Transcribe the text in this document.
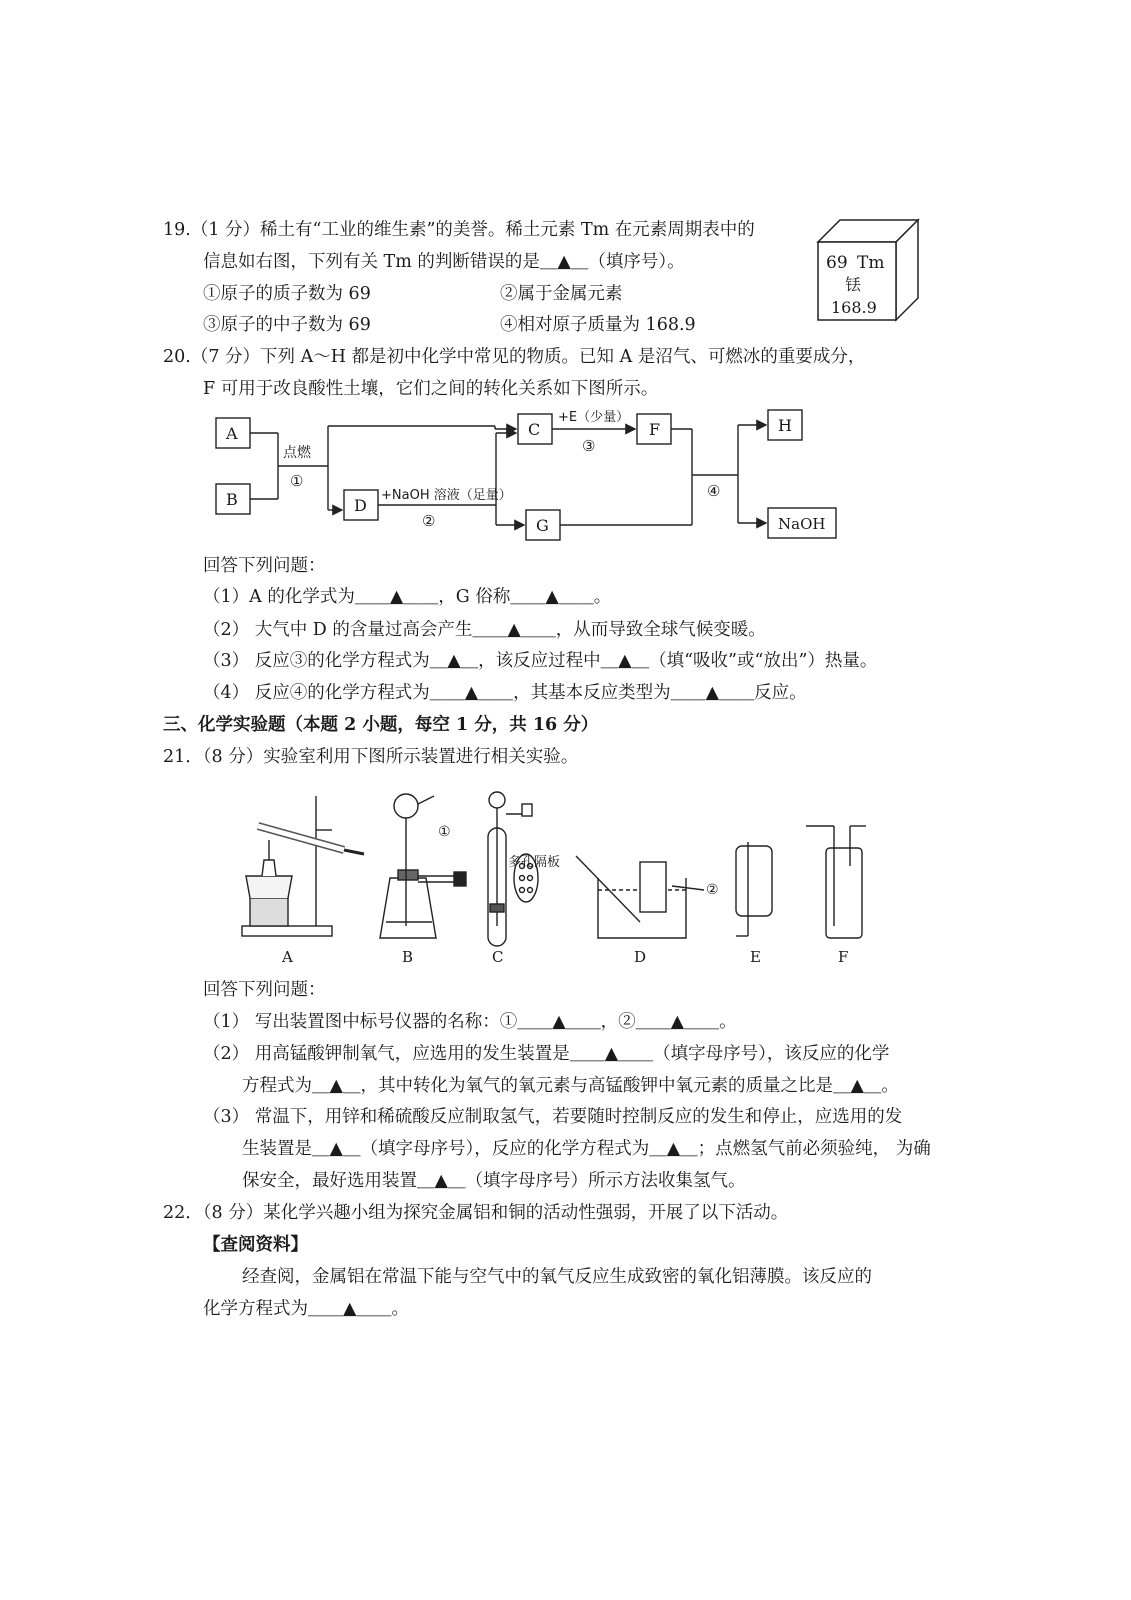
19.（1 分）稀土有“工业的维生素”的美誉。稀土元素 Tm 在元素周期表中的
信息如右图，下列有关 Tm 的判断错误的是＿▲＿（填序号）。
①原子的质子数为 69	②属于金属元素
③原子的中子数为 69	④相对原子质量为 168.9
69 Tm
铥
168.9
20.（7 分）下列 A～H 都是初中化学中常见的物质。已知 A 是沼气、可燃冰的重要成分，
F 可用于改良酸性土壤，它们之间的转化关系如下图所示。
A
B	D
C	F
G
H
NaOH
点燃
①
+NaOH 溶液（足量）
②
+E（少量）
③
④
回答下列问题：
（1）A 的化学式为＿＿▲＿＿，G 俗称＿＿▲＿＿。
（2） 大气中 D 的含量过高会产生＿＿▲＿＿，从而导致全球气候变暖。
（3） 反应③的化学方程式为＿▲＿，该反应过程中＿▲＿（填“吸收”或“放出”）热量。
（4） 反应④的化学方程式为＿＿▲＿＿，其基本反应类型为＿＿▲＿＿反应。
三、化学实验题（本题 2 小题，每空 1 分，共 16 分）
21．（8 分）实验室利用下图所示装置进行相关实验。
①
②
多孔隔板
A	B	C	D	E	F
回答下列问题：
（1） 写出装置图中标号仪器的名称：①＿＿▲＿＿，②＿＿▲＿＿。
（2） 用高锰酸钾制氧气，应选用的发生装置是＿＿▲＿＿（填字母序号），该反应的化学
方程式为＿▲＿，其中转化为氧气的氧元素与高锰酸钾中氧元素的质量之比是＿▲＿。
（3） 常温下，用锌和稀硫酸反应制取氢气，若要随时控制反应的发生和停止，应选用的发
生装置是＿▲＿（填字母序号），反应的化学方程式为＿▲＿；点燃氢气前必须验纯， 为确
保安全，最好选用装置＿▲＿（填字母序号）所示方法收集氢气。
22．（8 分）某化学兴趣小组为探究金属铝和铜的活动性强弱，开展了以下活动。
【查阅资料】
经查阅，金属铝在常温下能与空气中的氧气反应生成致密的氧化铝薄膜。该反应的
化学方程式为＿＿▲＿＿。
